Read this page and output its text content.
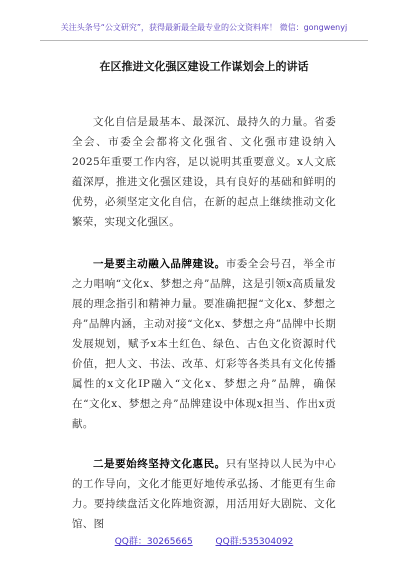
关注头条号“公文研究”，获得最新最全最专业的公文资料库！ 微信：gongwenyj
在区推进文化强区建设工作谋划会上的讲话

文化自信是最基本、最深沉、最持久的力量。省委全会、市委全会都将文化强省、文化强市建设纳入2025年重要工作内容，足以说明其重要意义。x人文底蕴深厚，推进文化强区建设，具有良好的基础和鲜明的优势，必须坚定文化自信，在新的起点上继续推动文化繁荣，实现文化强区。

一是要主动融入品牌建设。市委全会号召，举全市之力唱响“文化x、梦想之舟”品牌，这是引领x高质量发展的理念指引和精神力量。要准确把握“文化x、梦想之舟”品牌内涵，主动对接“文化x、梦想之舟”品牌中长期发展规划，赋予x本土红色、绿色、古色文化资源时代价值，把人文、书法、改革、灯彩等各类具有文化传播属性的x文化IP融入“文化x、梦想之舟”品牌，确保在“文化x、梦想之舟”品牌建设中体现x担当、作出x贡献。

二是要始终坚持文化惠民。只有坚持以人民为中心的工作导向，文化才能更好地传承弘扬、才能更有生命力。要持续盘活文化阵地资源，用活用好大剧院、文化馆、图

QQ群：30265665	QQ群:535304092
